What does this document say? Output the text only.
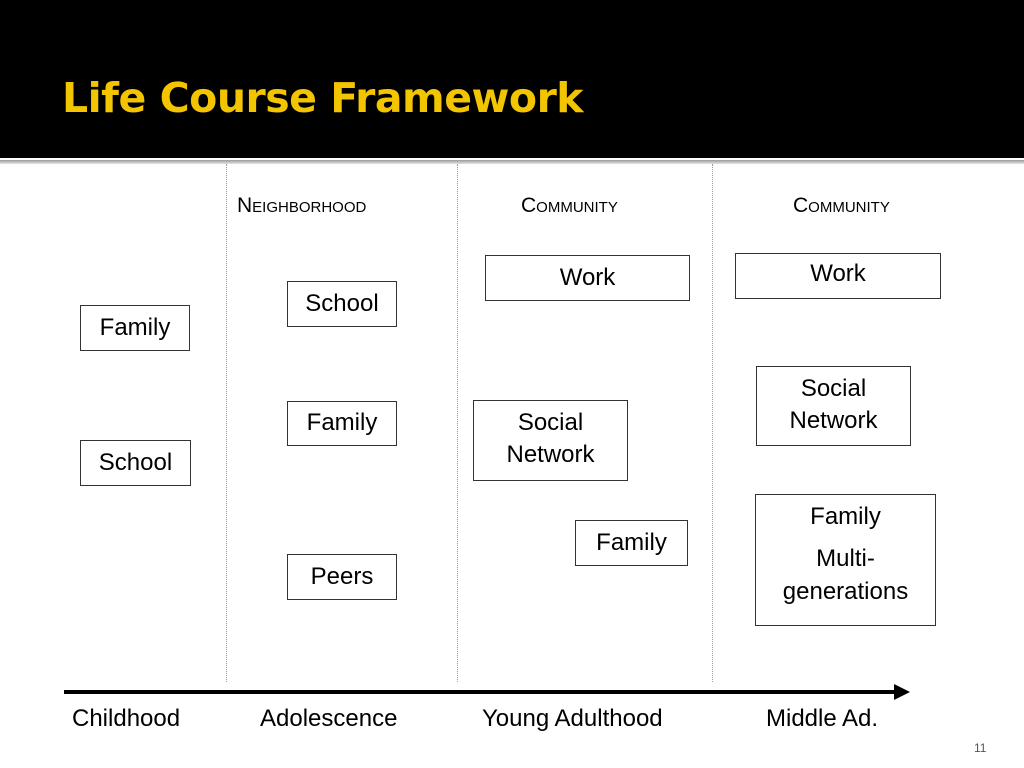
Life Course Framework
Neighborhood	Community	Community
Family
School
School
Family
Peers
Work
Social
Network
Family
Work
Social
Network
Family
Multi-
generations
Childhood	Adolescence	Young Adulthood	Middle Ad.
11
